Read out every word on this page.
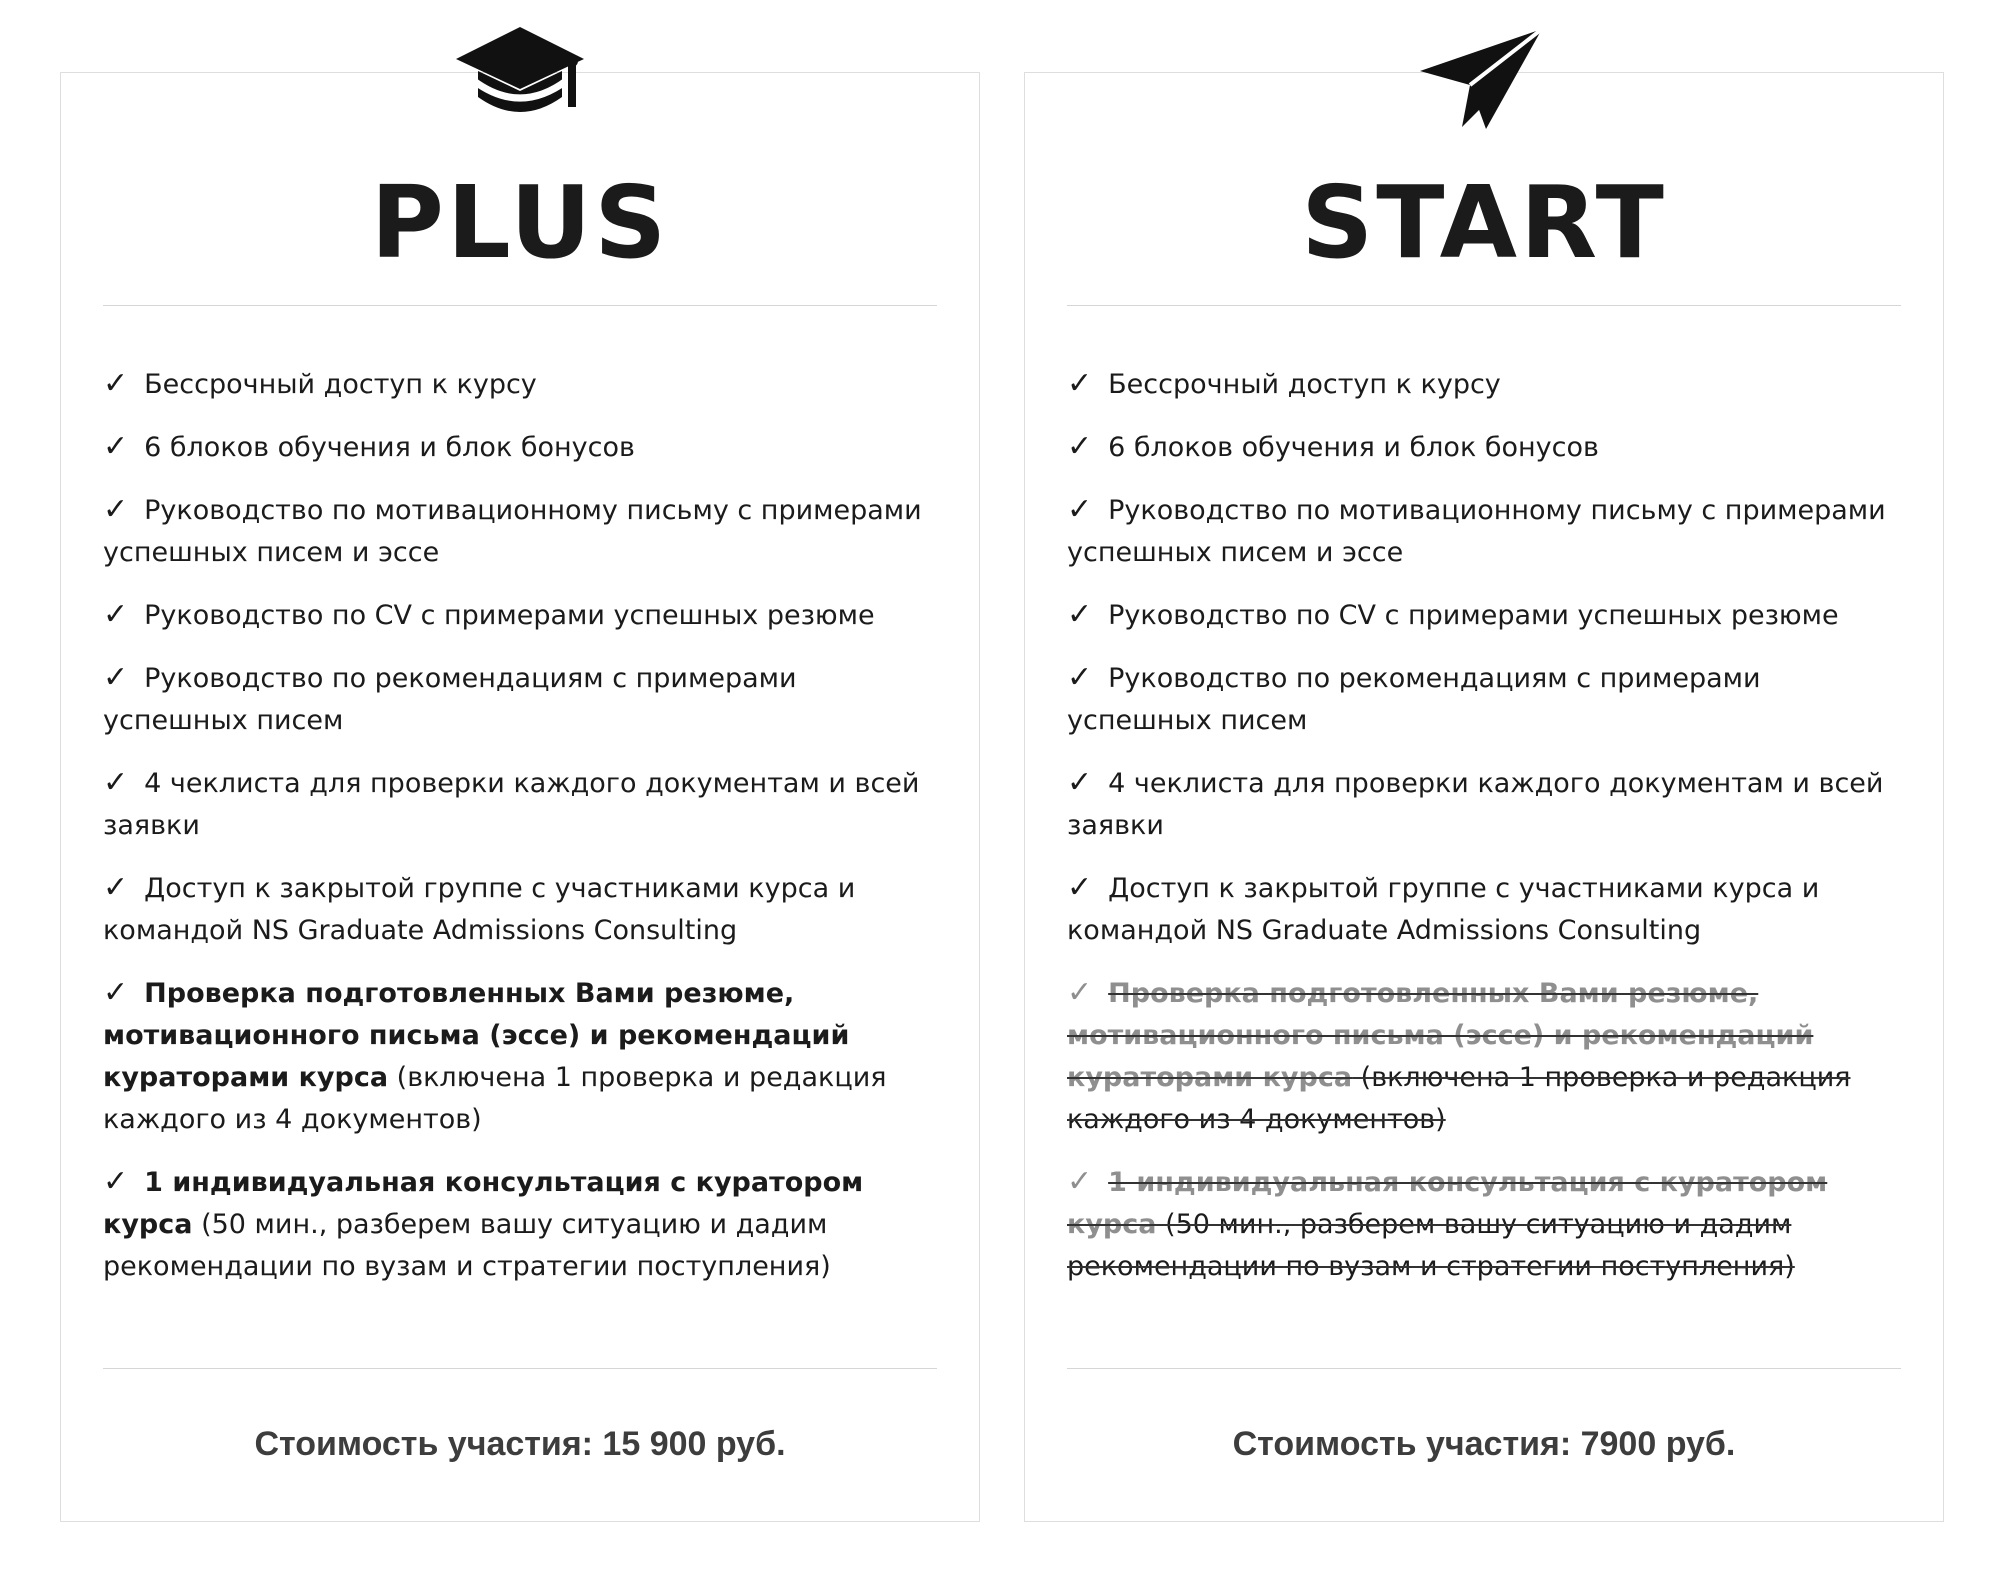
PLUS
✓ Бессрочный доступ к курсу
✓ 6 блоков обучения и блок бонусов
✓ Руководство по мотивационному письму с примерами успешных писем и эссе
✓ Руководство по CV с примерами успешных резюме
✓ Руководство по рекомендациям с примерами успешных писем
✓ 4 чеклиста для проверки каждого документам и всей заявки
✓ Доступ к закрытой группе с участниками курса и командой NS Graduate Admissions Consulting
✓ Проверка подготовленных Вами резюме, мотивационного письма (эссе) и рекомендаций кураторами курса (включена 1 проверка и редакция каждого из 4 документов)
✓ 1 индивидуальная консультация с куратором курса (50 мин., разберем вашу ситуацию и дадим рекомендации по вузам и стратегии поступления)
Стоимость участия: 15 900 руб.
START
✓ Бессрочный доступ к курсу
✓ 6 блоков обучения и блок бонусов
✓ Руководство по мотивационному письму с примерами успешных писем и эссе
✓ Руководство по CV с примерами успешных резюме
✓ Руководство по рекомендациям с примерами успешных писем
✓ 4 чеклиста для проверки каждого документам и всей заявки
✓ Доступ к закрытой группе с участниками курса и командой NS Graduate Admissions Consulting
✓ Проверка подготовленных Вами резюме, мотивационного письма (эссе) и рекомендаций кураторами курса (включена 1 проверка и редакция каждого из 4 документов)
✓ 1 индивидуальная консультация с куратором курса (50 мин., разберем вашу ситуацию и дадим рекомендации по вузам и стратегии поступления)
Стоимость участия: 7900 руб.
